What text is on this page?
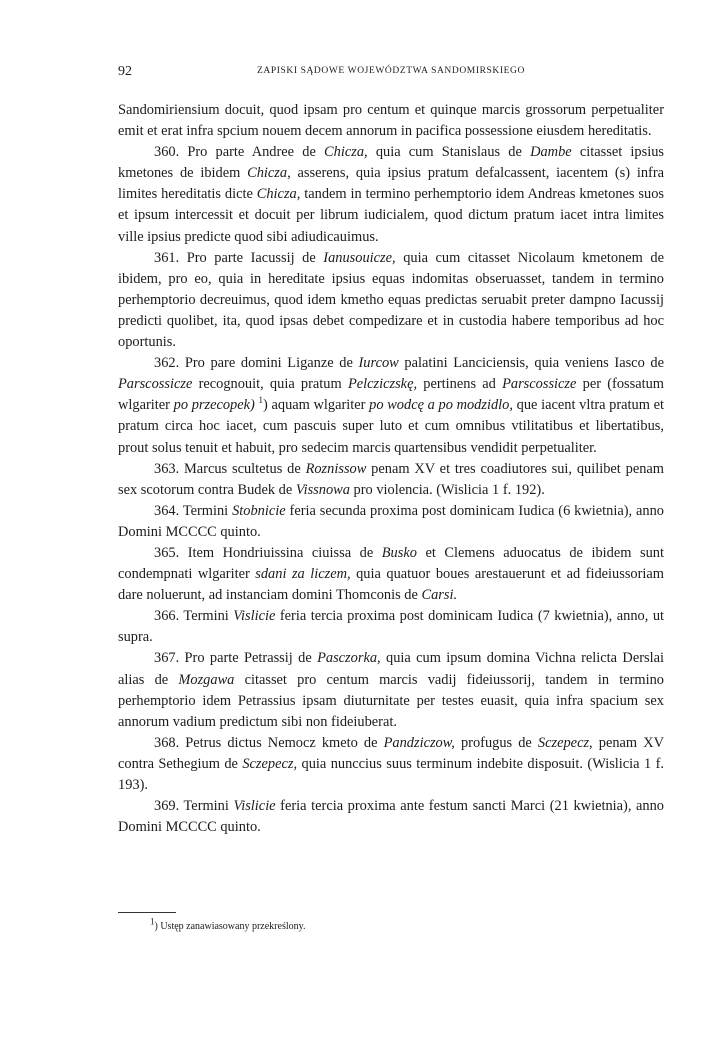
92	ZAPISKI SĄDOWE WOJEWÓDZTWA SANDOMIRSKIEGO

Sandomiriensium docuit, quod ipsam pro centum et quinque marcis grossorum perpetualiter emit et erat infra spcium nouem decem annorum in pacifica possessione eiusdem hereditatis.

360. Pro parte Andree de Chicza, quia cum Stanislaus de Dambe citasset ipsius kmetones de ibidem Chicza, asserens, quia ipsius pratum defalcassent, iacentem (s) infra limites hereditatis dicte Chicza, tandem in termino perhemptorio idem Andreas kmetones suos et ipsum intercessit et docuit per librum iudicialem, quod dictum pratum iacet intra limites ville ipsius predicte quod sibi adiudicauimus.

361. Pro parte Iacussij de Ianusouicze, quia cum citasset Nicolaum kmetonem de ibidem, pro eo, quia in hereditate ipsius equas indomitas obseruasset, tandem in termino perhemptorio decreuimus, quod idem kmetho equas predictas seruabit preter dampno Iacussij predicti quolibet, ita, quod ipsas debet compedizare et in custodia habere temporibus ad hoc oportunis.

362. Pro pare domini Liganze de Iurcow palatini Lanciciensis, quia veniens Iasco de Parscossicze recognouit, quia pratum Pelcziczskę, pertinens ad Parscossicze per (fossatum wlgariter po przecopek) $^1$) aquam wlgariter po wodcę a po modzidlo, que iacent vltra pratum et pratum circa hoc iacet, cum pascuis super luto et cum omnibus vtilitatibus et libertatibus, prout solus tenuit et habuit, pro sedecim marcis quartensibus vendidit perpetualiter.

363. Marcus scultetus de Roznissow penam XV et tres coadiutores sui, quilibet penam sex scotorum contra Budek de Vissnowa pro violencia. (Wislicia 1 f. 192).

364. Termini Stobnicie feria secunda proxima post dominicam Iudica (6 kwietnia), anno Domini MCCCC quinto.

365. Item Hondriuissina ciuissa de Busko et Clemens aduocatus de ibidem sunt condempnati wlgariter sdani za liczem, quia quatuor boues arestauerunt et ad fideiussoriam dare noluerunt, ad instanciam domini Thomconis de Carsi.

366. Termini Vislicie feria tercia proxima post dominicam Iudica (7 kwietnia), anno, ut supra.

367. Pro parte Petrassij de Pasczorka, quia cum ipsum domina Vichna relicta Derslai alias de Mozgawa citasset pro centum marcis vadij fideiussorij, tandem in termino perhemptorio idem Petrassius ipsam diuturnitate per testes euasit, quia infra spacium sex annorum vadium predictum sibi non fideiuberat.

368. Petrus dictus Nemocz kmeto de Pandziczow, profugus de Sczepecz, penam XV contra Sethegium de Sczepecz, quia nunccius suus terminum indebite disposuit. (Wislicia 1 f. 193).

369. Termini Vislicie feria tercia proxima ante festum sancti Marci (21 kwietnia), anno Domini MCCCC quinto.

$^1$) Ustęp zanawiasowany przekreślony.
